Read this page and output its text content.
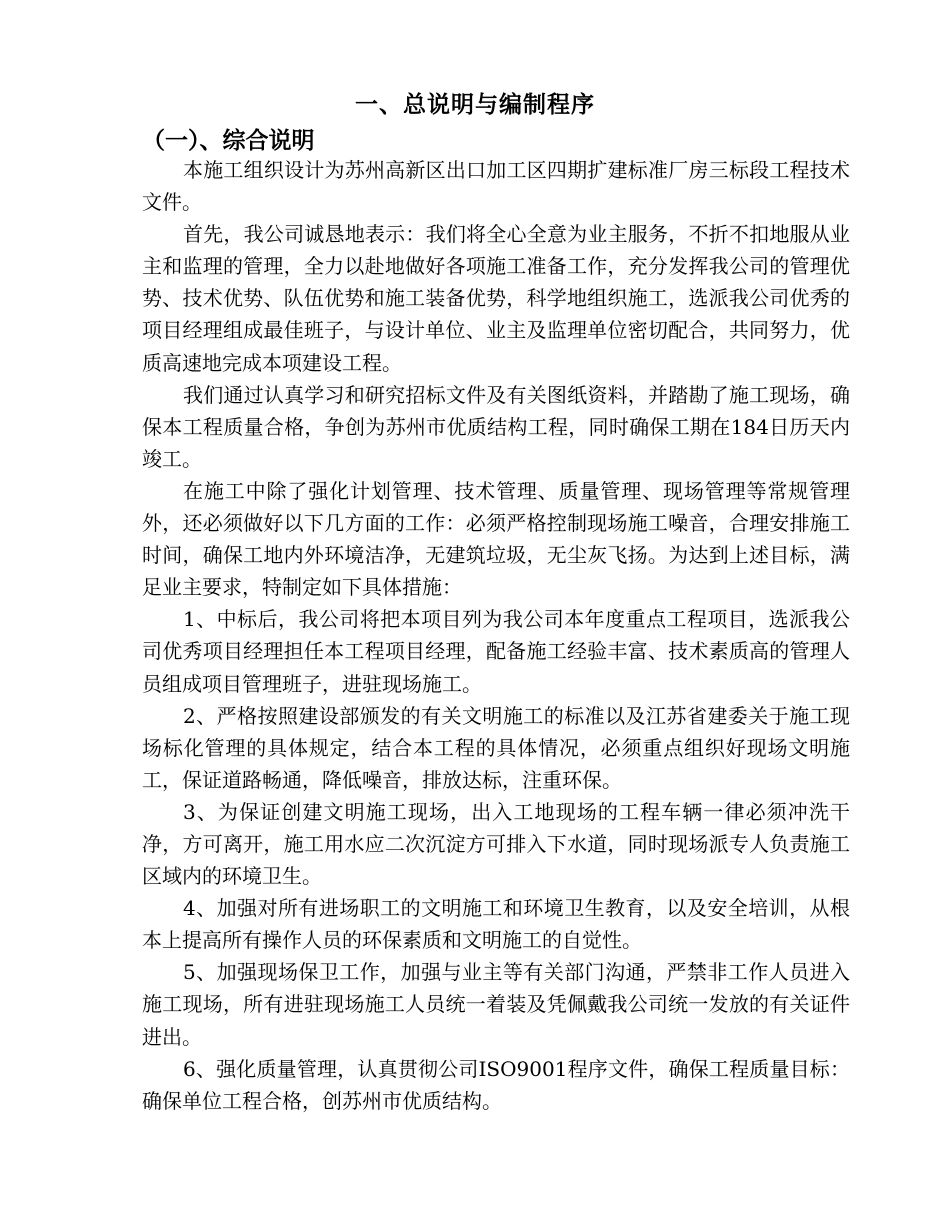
一、总说明与编制程序
（一）、综合说明

本施工组织设计为苏州高新区出口加工区四期扩建标准厂房三标段工程技术文件。

首先，我公司诚恳地表示：我们将全心全意为业主服务，不折不扣地服从业主和监理的管理，全力以赴地做好各项施工准备工作，充分发挥我公司的管理优势、技术优势、队伍优势和施工装备优势，科学地组织施工，选派我公司优秀的项目经理组成最佳班子，与设计单位、业主及监理单位密切配合，共同努力，优质高速地完成本项建设工程。

我们通过认真学习和研究招标文件及有关图纸资料，并踏勘了施工现场，确保本工程质量合格，争创为苏州市优质结构工程，同时确保工期在184日历天内竣工。

在施工中除了强化计划管理、技术管理、质量管理、现场管理等常规管理外，还必须做好以下几方面的工作：必须严格控制现场施工噪音，合理安排施工时间，确保工地内外环境洁净，无建筑垃圾，无尘灰飞扬。为达到上述目标，满足业主要求，特制定如下具体措施：

1、中标后，我公司将把本项目列为我公司本年度重点工程项目，选派我公司优秀项目经理担任本工程项目经理，配备施工经验丰富、技术素质高的管理人员组成项目管理班子，进驻现场施工。

2、严格按照建设部颁发的有关文明施工的标准以及江苏省建委关于施工现场标化管理的具体规定，结合本工程的具体情况，必须重点组织好现场文明施工，保证道路畅通，降低噪音，排放达标，注重环保。

3、为保证创建文明施工现场，出入工地现场的工程车辆一律必须冲洗干净，方可离开，施工用水应二次沉淀方可排入下水道，同时现场派专人负责施工区域内的环境卫生。

4、加强对所有进场职工的文明施工和环境卫生教育，以及安全培训，从根本上提高所有操作人员的环保素质和文明施工的自觉性。

5、加强现场保卫工作，加强与业主等有关部门沟通，严禁非工作人员进入施工现场，所有进驻现场施工人员统一着装及凭佩戴我公司统一发放的有关证件进出。

6、强化质量管理，认真贯彻公司ISO9001程序文件，确保工程质量目标：确保单位工程合格，创苏州市优质结构。
